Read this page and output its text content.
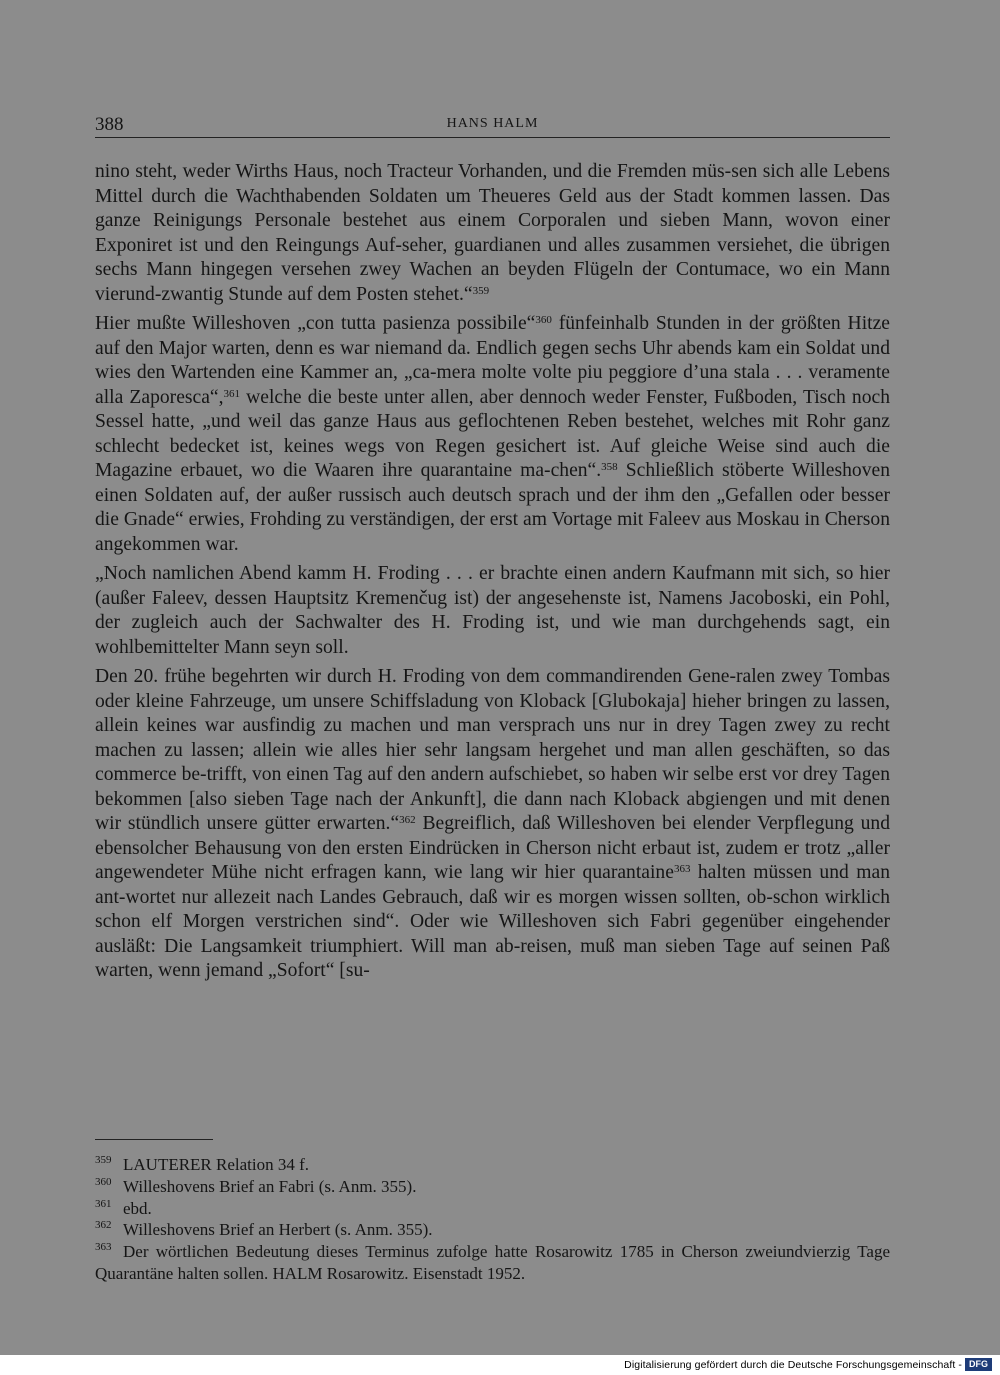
388	HANS HALM

nino steht, weder Wirths Haus, noch Tracteur Vorhanden, und die Fremden müs-sen sich alle Lebens Mittel durch die Wachthabenden Soldaten um Theueres Geld aus der Stadt kommen lassen. Das ganze Reinigungs Personale bestehet aus einem Corporalen und sieben Mann, wovon einer Exponiret ist und den Reingungs Auf-seher, guardianen und alles zusammen versiehet, die übrigen sechs Mann hingegen versehen zwey Wachen an beyden Flügeln der Contumace, wo ein Mann vierund-zwantig Stunde auf dem Posten stehet.“$^{359}$

Hier mußte Willeshoven „con tutta pasienza possibile“$^{360}$ fünfeinhalb Stunden in der größten Hitze auf den Major warten, denn es war niemand da. Endlich gegen sechs Uhr abends kam ein Soldat und wies den Wartenden eine Kammer an, „ca-mera molte volte piu peggiore d’una stala . . . veramente alla Zaporesca“,$^{361}$ welche die beste unter allen, aber dennoch weder Fenster, Fußboden, Tisch noch Sessel hatte, „und weil das ganze Haus aus geflochtenen Reben bestehet, welches mit Rohr ganz schlecht bedecket ist, keines wegs von Regen gesichert ist. Auf gleiche Weise sind auch die Magazine erbauet, wo die Waaren ihre quarantaine ma-chen“.$^{358}$ Schließlich stöberte Willeshoven einen Soldaten auf, der außer russisch auch deutsch sprach und der ihm den „Gefallen oder besser die Gnade“ erwies, Frohding zu verständigen, der erst am Vortage mit Faleev aus Moskau in Cherson angekommen war.

„Noch namlichen Abend kamm H. Froding . . . er brachte einen andern Kaufmann mit sich, so hier (außer Faleev, dessen Hauptsitz Kremenčug ist) der angesehenste ist, Namens Jacoboski, ein Pohl, der zugleich auch der Sachwalter des H. Froding ist, und wie man durchgehends sagt, ein wohlbemittelter Mann seyn soll.

Den 20. frühe begehrten wir durch H. Froding von dem commandirenden Gene-ralen zwey Tombas oder kleine Fahrzeuge, um unsere Schiffsladung von Kloback [Glubokaja] hieher bringen zu lassen, allein keines war ausfindig zu machen und man versprach uns nur in drey Tagen zwey zu recht machen zu lassen; allein wie alles hier sehr langsam hergehet und man allen geschäften, so das commerce be-trifft, von einen Tag auf den andern aufschiebet, so haben wir selbe erst vor drey Tagen bekommen [also sieben Tage nach der Ankunft], die dann nach Kloback abgiengen und mit denen wir stündlich unsere gütter erwarten.“$^{362}$ Begreiflich, daß Willeshoven bei elender Verpflegung und ebensolcher Behausung von den ersten Eindrücken in Cherson nicht erbaut ist, zudem er trotz „aller angewendeter Mühe nicht erfragen kann, wie lang wir hier quarantaine$^{363}$ halten müssen und man ant-wortet nur allezeit nach Landes Gebrauch, daß wir es morgen wissen sollten, ob-schon wirklich schon elf Morgen verstrichen sind“. Oder wie Willeshoven sich Fabri gegenüber eingehender ausläßt: Die Langsamkeit triumphiert. Will man ab-reisen, muß man sieben Tage auf seinen Paß warten, wenn jemand „Sofort“ [su-

359 LAUTERER Relation 34 f.
360 Willeshovens Brief an Fabri (s. Anm. 355).
361 ebd.
362 Willeshovens Brief an Herbert (s. Anm. 355).
363 Der wörtlichen Bedeutung dieses Terminus zufolge hatte Rosarowitz 1785 in Cherson zweiundvierzig Tage Quarantäne halten sollen. HALM Rosarowitz. Eisenstadt 1952.
Digitalisierung gefördert durch die Deutsche Forschungsgemeinschaft - DFG
